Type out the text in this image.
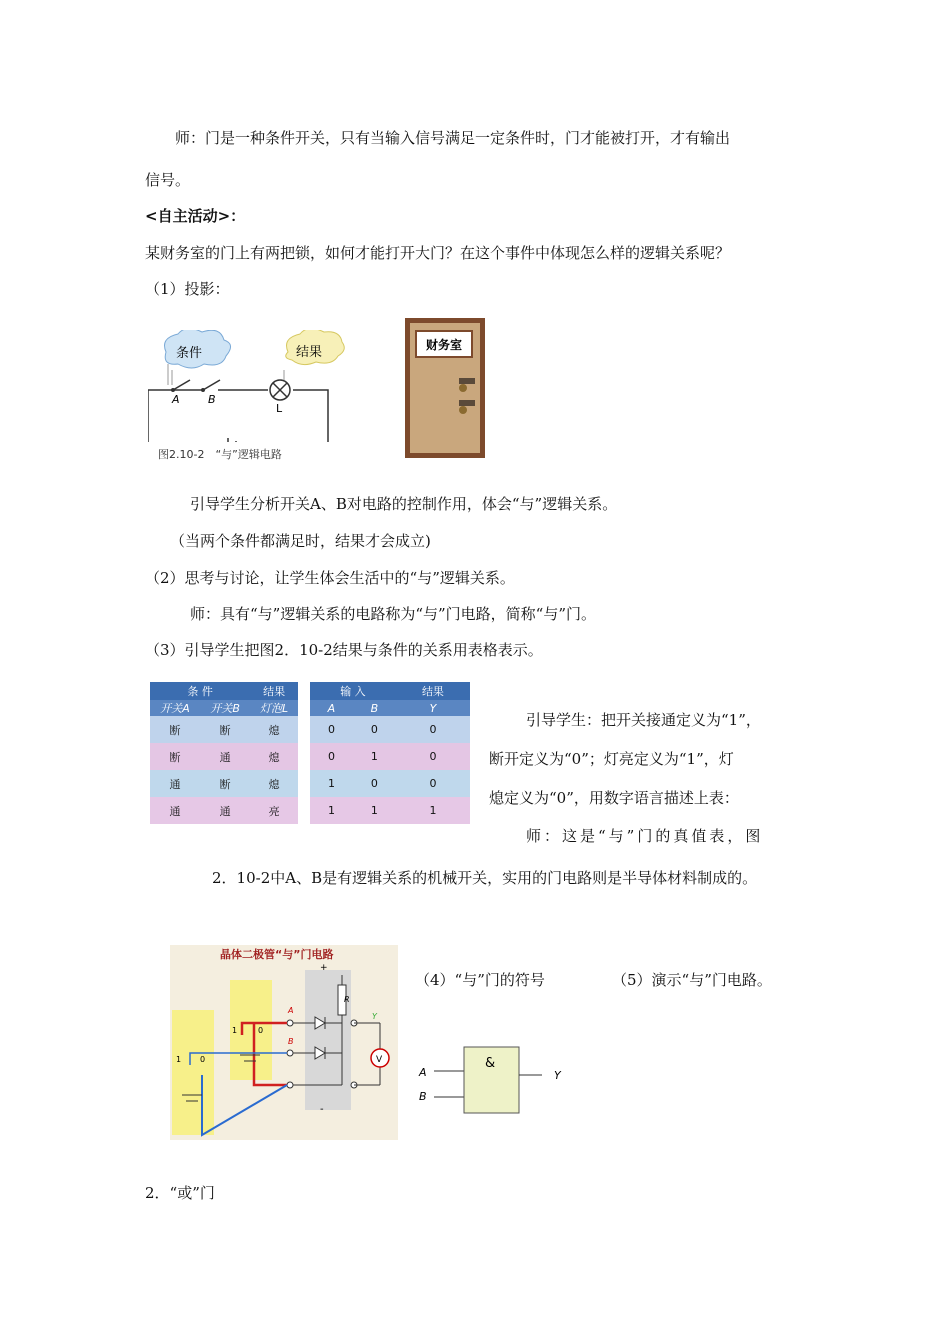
师：门是一种条件开关，只有当输入信号满足一定条件时，门才能被打开，才有输出
信号。
<自主活动>：
某财务室的门上有两把锁，如何才能打开大门？在这个事件中体现怎么样的逻辑关系呢？
（1）投影：
条件	结果
A	B
L
图2.10-2　“与”逻辑电路
财务室
引导学生分析开关A、B对电路的控制作用，体会“与”逻辑关系。
（当两个条件都满足时，结果才会成立)
（2）思考与讨论，让学生体会生活中的“与”逻辑关系。
师：具有“与”逻辑关系的电路称为“与”门电路，简称“与”门。
（3）引导学生把图2．10-2结果与条件的关系用表格表示。
条 件		结果
开关A	开关B	灯泡L
断	断	熄
断	通	熄
通	断	熄
通	通	亮
输 入		结果
A	B	Y
0	0	0
0	1	0
1	0	0
1	1	1
引导学生：把开关接通定义为“1”，
断开定义为“0”；灯亮定义为“1”，灯
熄定义为“0”，用数字语言描述上表：
师：这是“与”门的真值表，图
2．10-2中A、B是有逻辑关系的机械开关，实用的门电路则是半导体材料制成的。
晶体二极管“与”门电路
+
-
R
A
B
Y
V
1 0
1	0
（4）“与”门的符号	（5）演示“与”门电路。
A
B
&
Y
2．“或”门
